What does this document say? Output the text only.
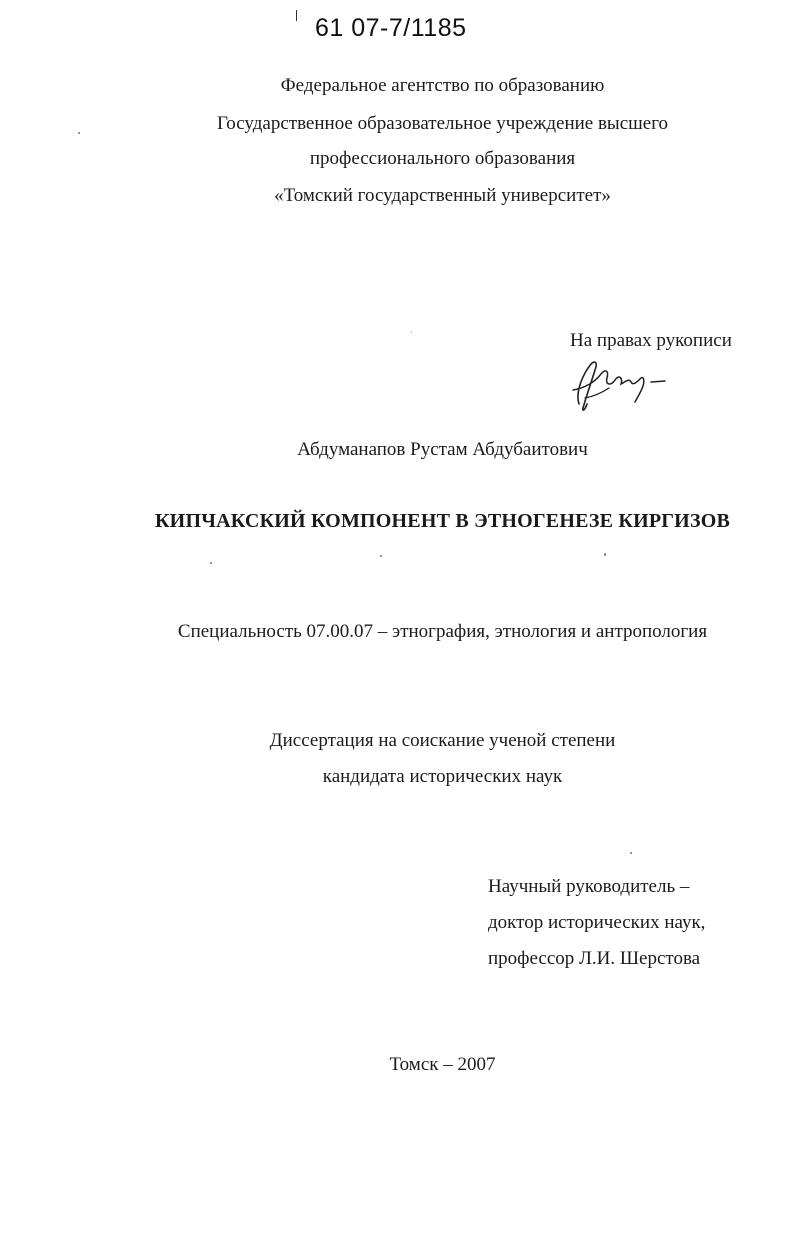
61 07-7/1185
Федеральное агентство по образованию
Государственное образовательное учреждение высшего
профессионального образования
«Томский государственный университет»
На правах рукописи
Абдуманапов Рустам Абдубаитович
КИПЧАКСКИЙ КОМПОНЕНТ В ЭТНОГЕНЕЗЕ КИРГИЗОВ
Специальность 07.00.07 – этнография, этнология и антропология
Диссертация на соискание ученой степени
кандидата исторических наук
Научный руководитель –
доктор исторических наук,
профессор Л.И. Шерстова
Томск – 2007
